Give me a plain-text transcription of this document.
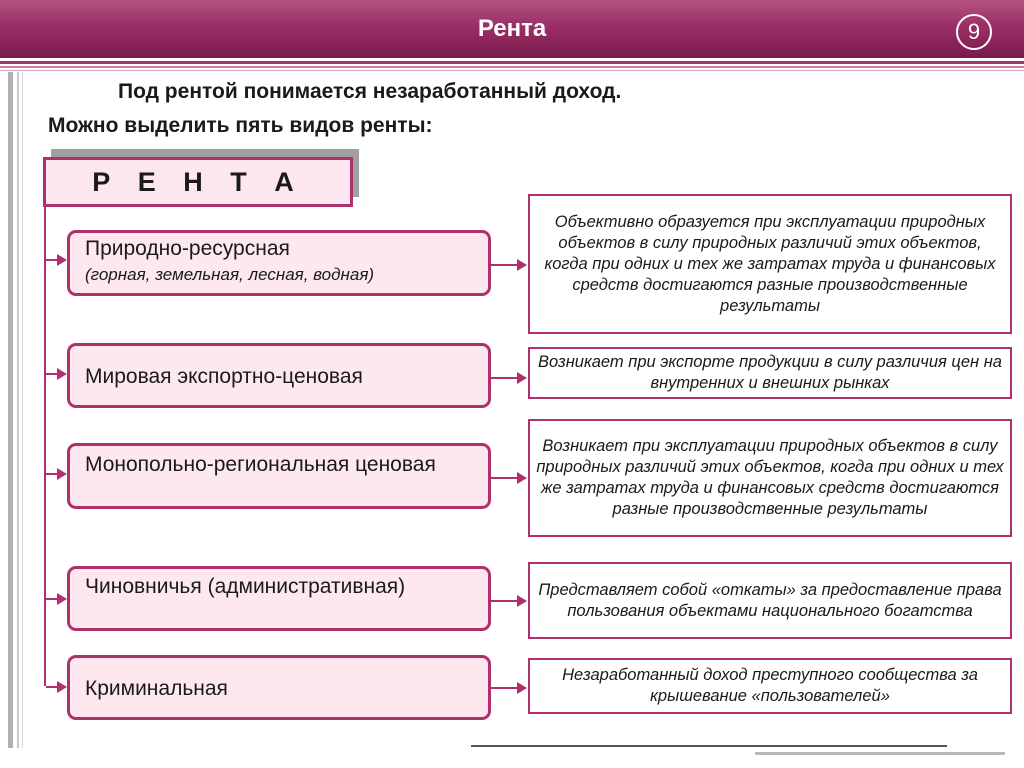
Рента	9
Под рентой понимается незаработанный доход.
Можно выделить пять видов ренты:
Р Е Н Т А
Природно-ресурсная
(горная, земельная, лесная, водная)
Объективно образуется при эксплуатации природных объектов в силу природных различий этих объектов, когда при одних и тех же затратах труда и финансовых средств достигаются разные производственные результаты
Мировая экспортно-ценовая
Возникает при экспорте продукции в силу различия цен на внутренних и внешних рынках
Монопольно-региональная ценовая
Возникает при эксплуатации природных объектов в силу природных различий этих объектов, когда при одних и тех же затратах труда и финансовых средств достигаются разные производственные результаты
Чиновничья (административная)	Представляет собой «откаты» за предоставление права пользования объектами национального богатства
Криминальная
Незаработанный доход преступного сообщества за крышевание «пользователей»
